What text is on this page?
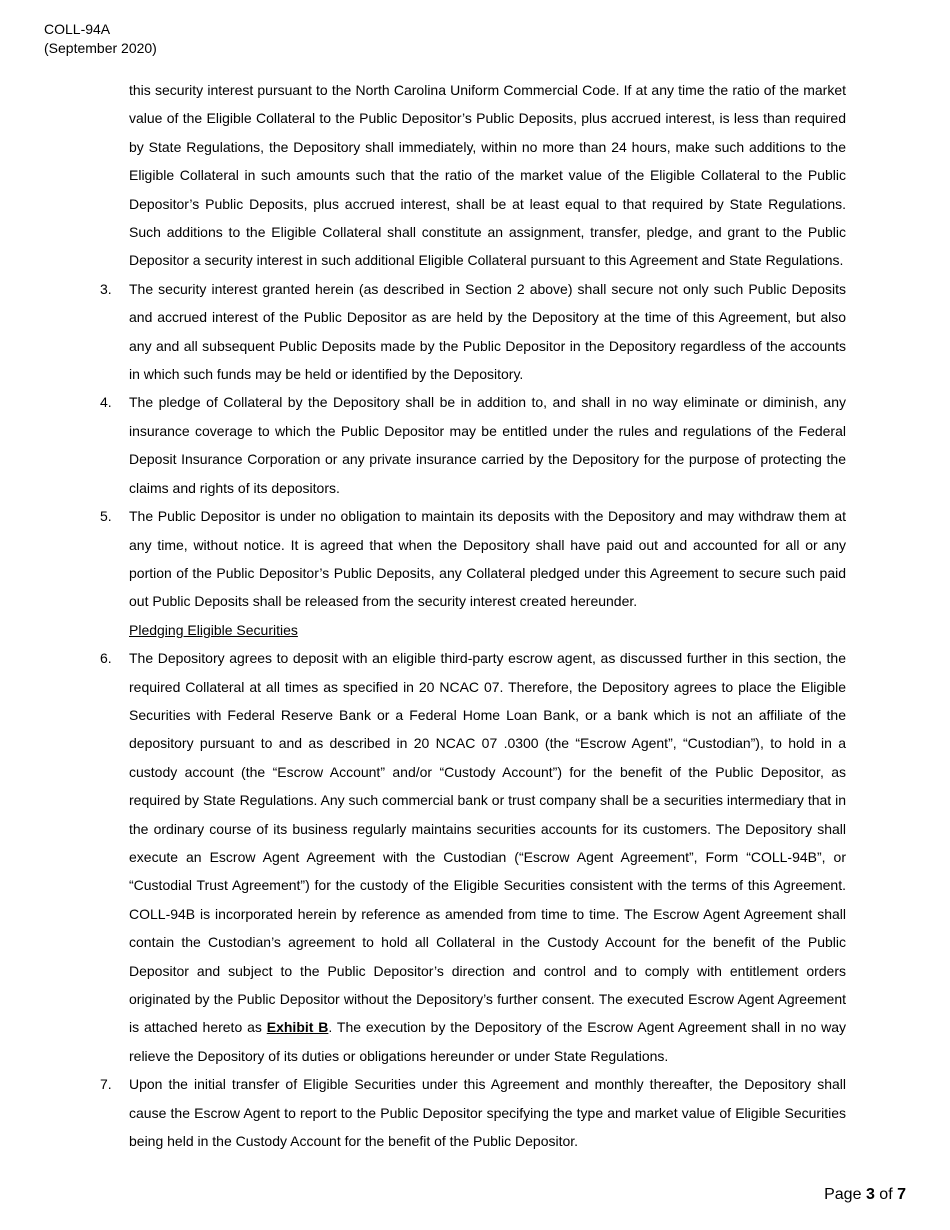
COLL-94A
(September 2020)
this security interest pursuant to the North Carolina Uniform Commercial Code. If at any time the ratio of the market value of the Eligible Collateral to the Public Depositor’s Public Deposits, plus accrued interest, is less than required by State Regulations, the Depository shall immediately, within no more than 24 hours, make such additions to the Eligible Collateral in such amounts such that the ratio of the market value of the Eligible Collateral to the Public Depositor’s Public Deposits, plus accrued interest, shall be at least equal to that required by State Regulations. Such additions to the Eligible Collateral shall constitute an assignment, transfer, pledge, and grant to the Public Depositor a security interest in such additional Eligible Collateral pursuant to this Agreement and State Regulations.
3. The security interest granted herein (as described in Section 2 above) shall secure not only such Public Deposits and accrued interest of the Public Depositor as are held by the Depository at the time of this Agreement, but also any and all subsequent Public Deposits made by the Public Depositor in the Depository regardless of the accounts in which such funds may be held or identified by the Depository.
4. The pledge of Collateral by the Depository shall be in addition to, and shall in no way eliminate or diminish, any insurance coverage to which the Public Depositor may be entitled under the rules and regulations of the Federal Deposit Insurance Corporation or any private insurance carried by the Depository for the purpose of protecting the claims and rights of its depositors.
5. The Public Depositor is under no obligation to maintain its deposits with the Depository and may withdraw them at any time, without notice. It is agreed that when the Depository shall have paid out and accounted for all or any portion of the Public Depositor’s Public Deposits, any Collateral pledged under this Agreement to secure such paid out Public Deposits shall be released from the security interest created hereunder.
Pledging Eligible Securities
6. The Depository agrees to deposit with an eligible third-party escrow agent, as discussed further in this section, the required Collateral at all times as specified in 20 NCAC 07. Therefore, the Depository agrees to place the Eligible Securities with Federal Reserve Bank or a Federal Home Loan Bank, or a bank which is not an affiliate of the depository pursuant to and as described in 20 NCAC 07 .0300 (the “Escrow Agent”, “Custodian”), to hold in a custody account (the “Escrow Account” and/or “Custody Account”) for the benefit of the Public Depositor, as required by State Regulations. Any such commercial bank or trust company shall be a securities intermediary that in the ordinary course of its business regularly maintains securities accounts for its customers. The Depository shall execute an Escrow Agent Agreement with the Custodian (“Escrow Agent Agreement”, Form “COLL-94B”, or “Custodial Trust Agreement”) for the custody of the Eligible Securities consistent with the terms of this Agreement. COLL-94B is incorporated herein by reference as amended from time to time. The Escrow Agent Agreement shall contain the Custodian’s agreement to hold all Collateral in the Custody Account for the benefit of the Public Depositor and subject to the Public Depositor’s direction and control and to comply with entitlement orders originated by the Public Depositor without the Depository’s further consent. The executed Escrow Agent Agreement is attached hereto as Exhibit B. The execution by the Depository of the Escrow Agent Agreement shall in no way relieve the Depository of its duties or obligations hereunder or under State Regulations.
7. Upon the initial transfer of Eligible Securities under this Agreement and monthly thereafter, the Depository shall cause the Escrow Agent to report to the Public Depositor specifying the type and market value of Eligible Securities being held in the Custody Account for the benefit of the Public Depositor.
Page 3 of 7
